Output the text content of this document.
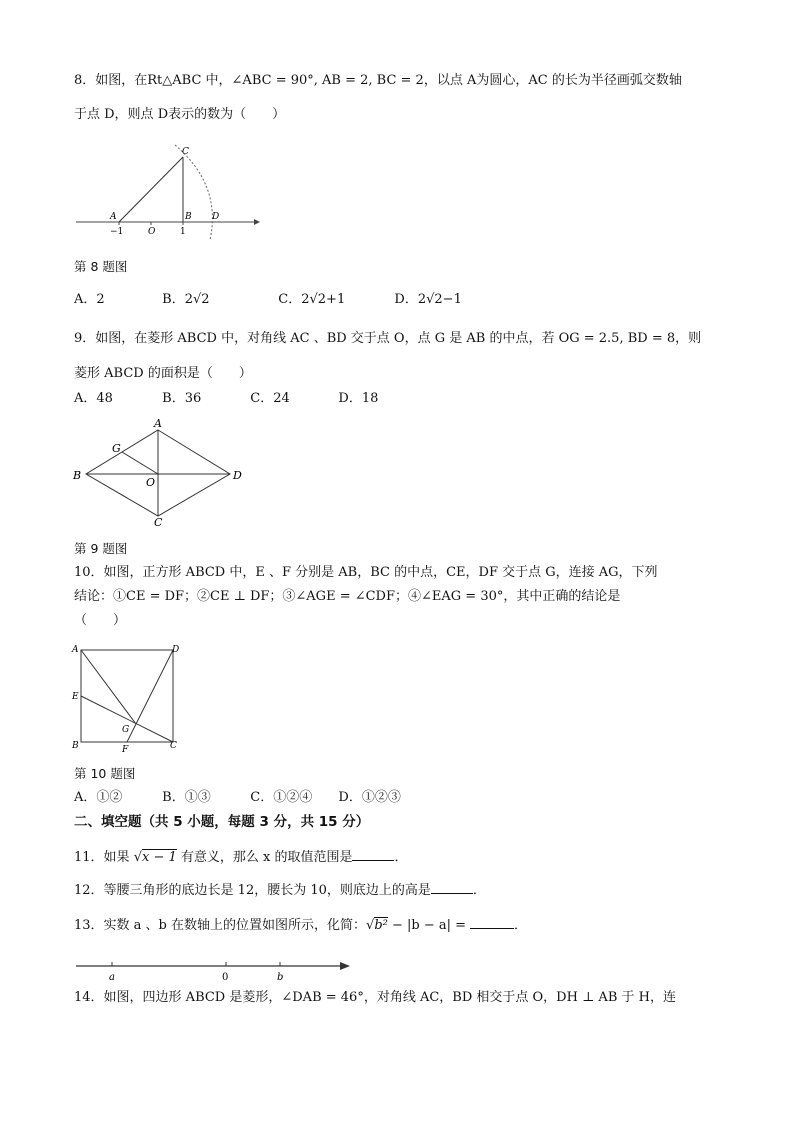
8．如图，在Rt△ABC 中，∠ABC = 90°, AB = 2, BC = 2，以点 A为圆心，AC 的长为半径画弧交数轴
于点 D，则点 D表示的数为（　　）
C
A	B D
−1	O	1
第 8 题图
A．2	B．2√2	C．2√2+1	D．2√2−1
9．如图，在菱形 ABCD 中，对角线 AC 、BD 交于点 O，点 G 是 AB 的中点，若 OG = 2.5, BD = 8，则
菱形 ABCD 的面积是（　　）
A．48	B．36	C．24	D．18
A
B
C
D
G
O
第 9 题图
10．如图，正方形 ABCD 中，E 、F 分别是 AB，BC 的中点，CE，DF 交于点 G，连接 AG，下列
结论：①CE = DF；②CE ⊥ DF；③∠AGE = ∠CDF；④∠EAG = 30°，其中正确的结论是
（　　）
A
B	C
D
E
F
G
第 10 题图
A．①②	B．①③	C．①②④ D．①②③
二、填空题（共 5 小题，每题 3 分，共 15 分）
11．如果 √x − 1 有意义，那么 x 的取值范围是	．
12．等腰三角形的底边长是 12，腰长为 10，则底边上的高是	．
13．实数 a 、b 在数轴上的位置如图所示，化简：√b² − |b − a| =	．
a	0	b
14．如图，四边形 ABCD 是菱形，∠DAB = 46°，对角线 AC，BD 相交于点 O，DH ⊥ AB 于 H，连
